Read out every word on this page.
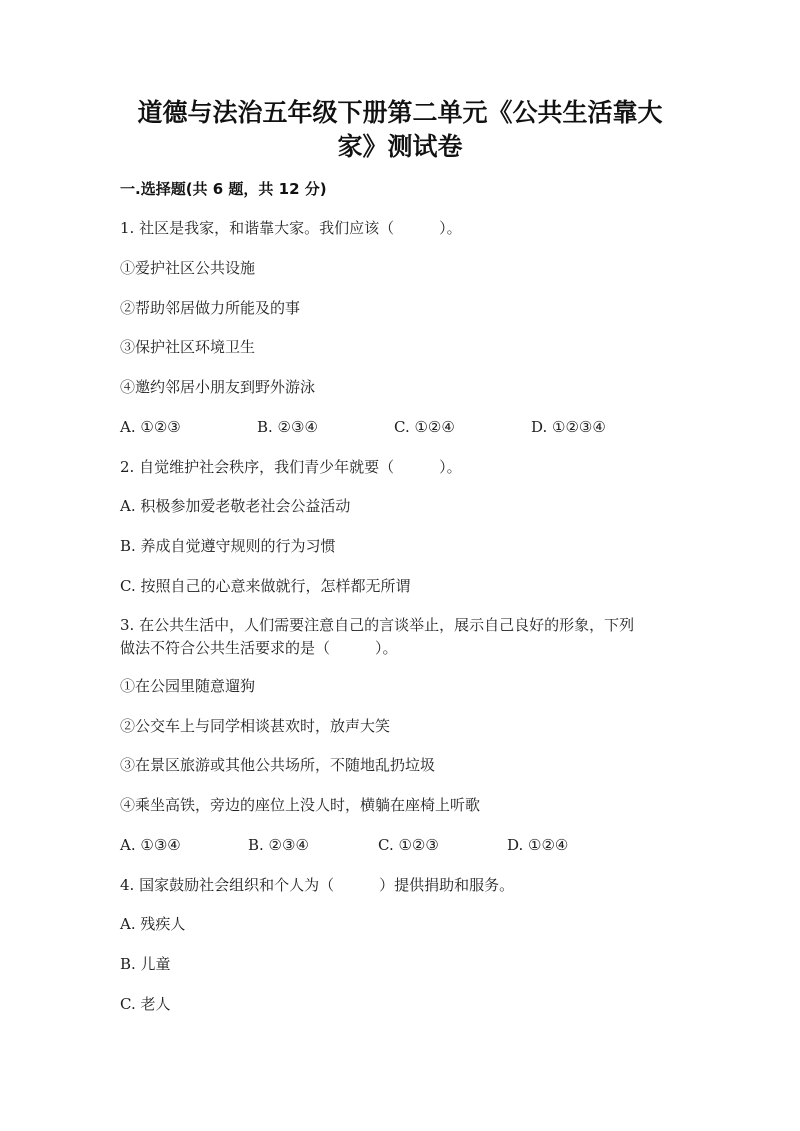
道德与法治五年级下册第二单元《公共生活靠大
家》测试卷
一.选择题(共 6 题，共 12 分)
1. 社区是我家，和谐靠大家。我们应该（　　　）。
①爱护社区公共设施
②帮助邻居做力所能及的事
③保护社区环境卫生
④邀约邻居小朋友到野外游泳
A. ①②③	B. ②③④	C. ①②④	D. ①②③④
2. 自觉维护社会秩序，我们青少年就要（　　　）。
A. 积极参加爱老敬老社会公益活动
B. 养成自觉遵守规则的行为习惯
C. 按照自己的心意来做就行，怎样都无所谓
3. 在公共生活中，人们需要注意自己的言谈举止，展示自己良好的形象，下列
做法不符合公共生活要求的是（　　　）。
①在公园里随意遛狗
②公交车上与同学相谈甚欢时，放声大笑
③在景区旅游或其他公共场所，不随地乱扔垃圾
④乘坐高铁，旁边的座位上没人时，横躺在座椅上听歌
A. ①③④	B. ②③④	C. ①②③	D. ①②④
4. 国家鼓励社会组织和个人为（　　　）提供捐助和服务。
A. 残疾人
B. 儿童
C. 老人
